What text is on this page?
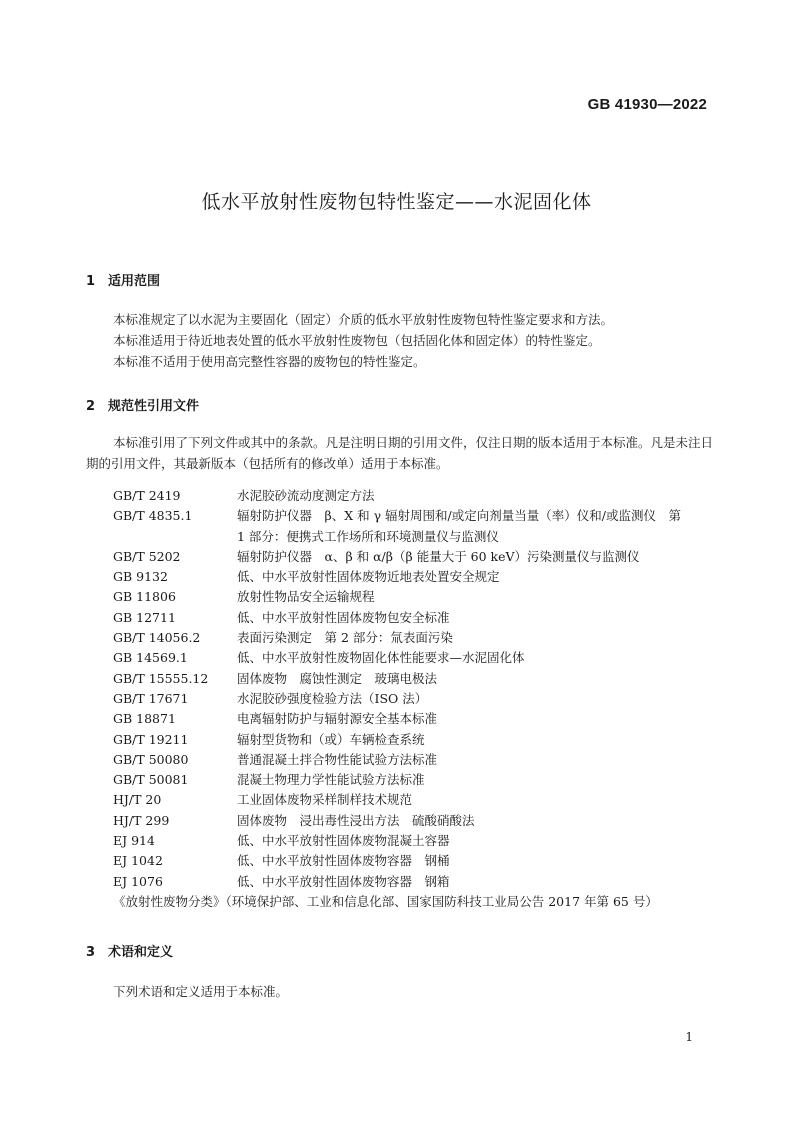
GB 41930—2022
低水平放射性废物包特性鉴定——水泥固化体
1 适用范围

本标准规定了以水泥为主要固化（固定）介质的低水平放射性废物包特性鉴定要求和方法。

本标准适用于待近地表处置的低水平放射性废物包（包括固化体和固定体）的特性鉴定。

本标准不适用于使用高完整性容器的废物包的特性鉴定。

2 规范性引用文件

本标准引用了下列文件或其中的条款。凡是注明日期的引用文件，仅注日期的版本适用于本标准。凡是未注日期的引用文件，其最新版本（包括所有的修改单）适用于本标准。

GB/T 2419	水泥胶砂流动度测定方法
GB/T 4835.1	辐射防护仪器　β、X 和 γ 辐射周围和/或定向剂量当量（率）仪和/或监测仪　第
1 部分：便携式工作场所和环境测量仪与监测仪
GB/T 5202	辐射防护仪器　α、β 和 α/β（β 能量大于 60 keV）污染测量仪与监测仪
GB 9132	低、中水平放射性固体废物近地表处置安全规定
GB 11806	放射性物品安全运输规程
GB 12711	低、中水平放射性固体废物包安全标准
GB/T 14056.2	表面污染测定　第 2 部分：氚表面污染
GB 14569.1	低、中水平放射性废物固化体性能要求—水泥固化体
GB/T 15555.12	固体废物　腐蚀性测定　玻璃电极法
GB/T 17671	水泥胶砂强度检验方法（ISO 法）
GB 18871	电离辐射防护与辐射源安全基本标准
GB/T 19211	辐射型货物和（或）车辆检查系统
GB/T 50080	普通混凝土拌合物性能试验方法标准
GB/T 50081	混凝土物理力学性能试验方法标准
HJ/T 20	工业固体废物采样制样技术规范
HJ/T 299	固体废物　浸出毒性浸出方法　硫酸硝酸法
EJ 914	低、中水平放射性固体废物混凝土容器
EJ 1042	低、中水平放射性固体废物容器　钢桶
EJ 1076	低、中水平放射性固体废物容器　钢箱
《放射性废物分类》（环境保护部、工业和信息化部、国家国防科技工业局公告 2017 年第 65 号）
3 术语和定义

下列术语和定义适用于本标准。

1
